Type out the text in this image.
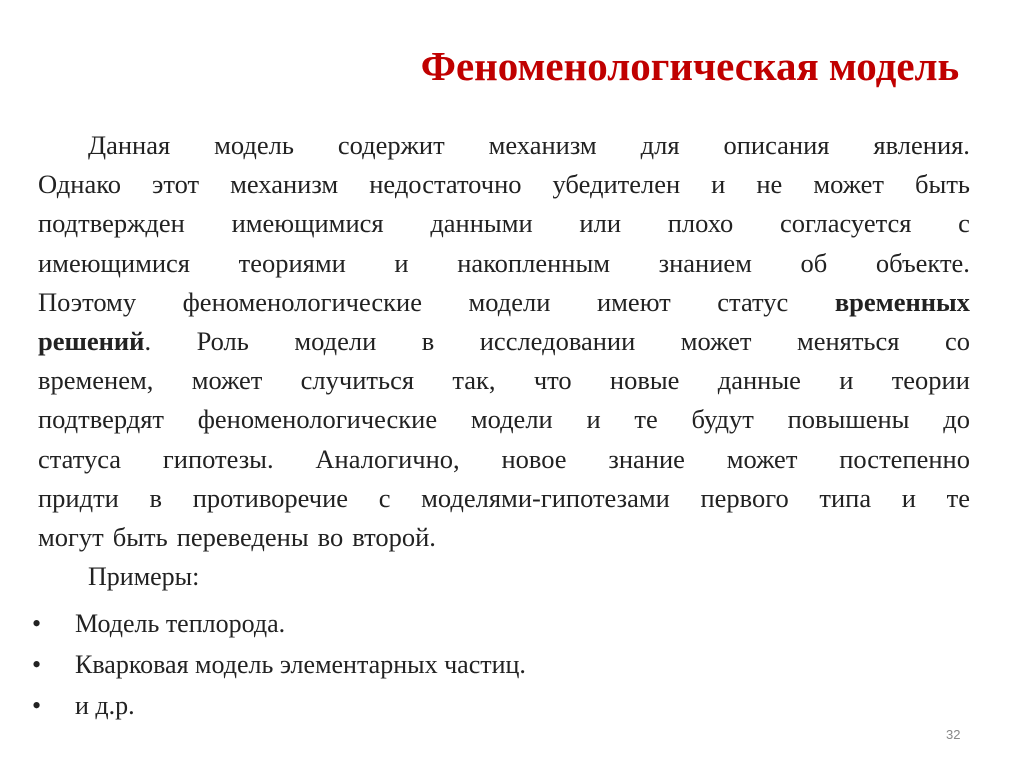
Феноменологическая модель
Данная модель содержит механизм для описания явления.
Однако этот механизм недостаточно убедителен и не может быть
подтвержден имеющимися данными или плохо согласуется с
имеющимися теориями и накопленным знанием об объекте.
Поэтому феноменологические модели имеют статус временных
решений. Роль модели в исследовании может меняться со
временем, может случиться так, что новые данные и теории
подтвердят феноменологические модели и те будут повышены до
статуса гипотезы. Аналогично, новое знание может постепенно
придти в противоречие с моделями-гипотезами первого типа и те
могут быть переведены во второй.
Примеры:
•	Модель теплорода.
•	Кварковая модель элементарных частиц.
•	и д.р.
32
